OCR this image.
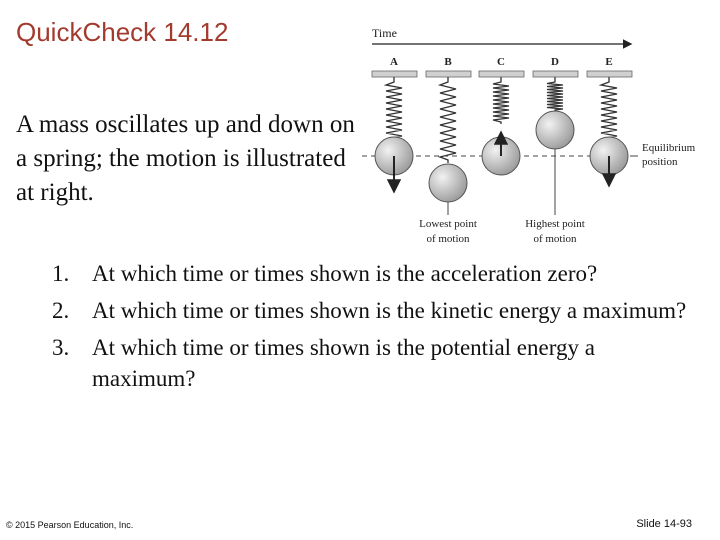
QuickCheck 14.12
A mass oscillates up and down on a spring; the motion is illustrated at right.
1. At which time or times shown is the acceleration zero?
2. At which time or times shown is the kinetic energy a maximum?
3. At which time or times shown is the potential energy a maximum?
Time
A	B	C	D	E
Equilibrium
position
Lowest point
of motion
Highest point
of motion
© 2015 Pearson Education, Inc.	Slide 14-93
